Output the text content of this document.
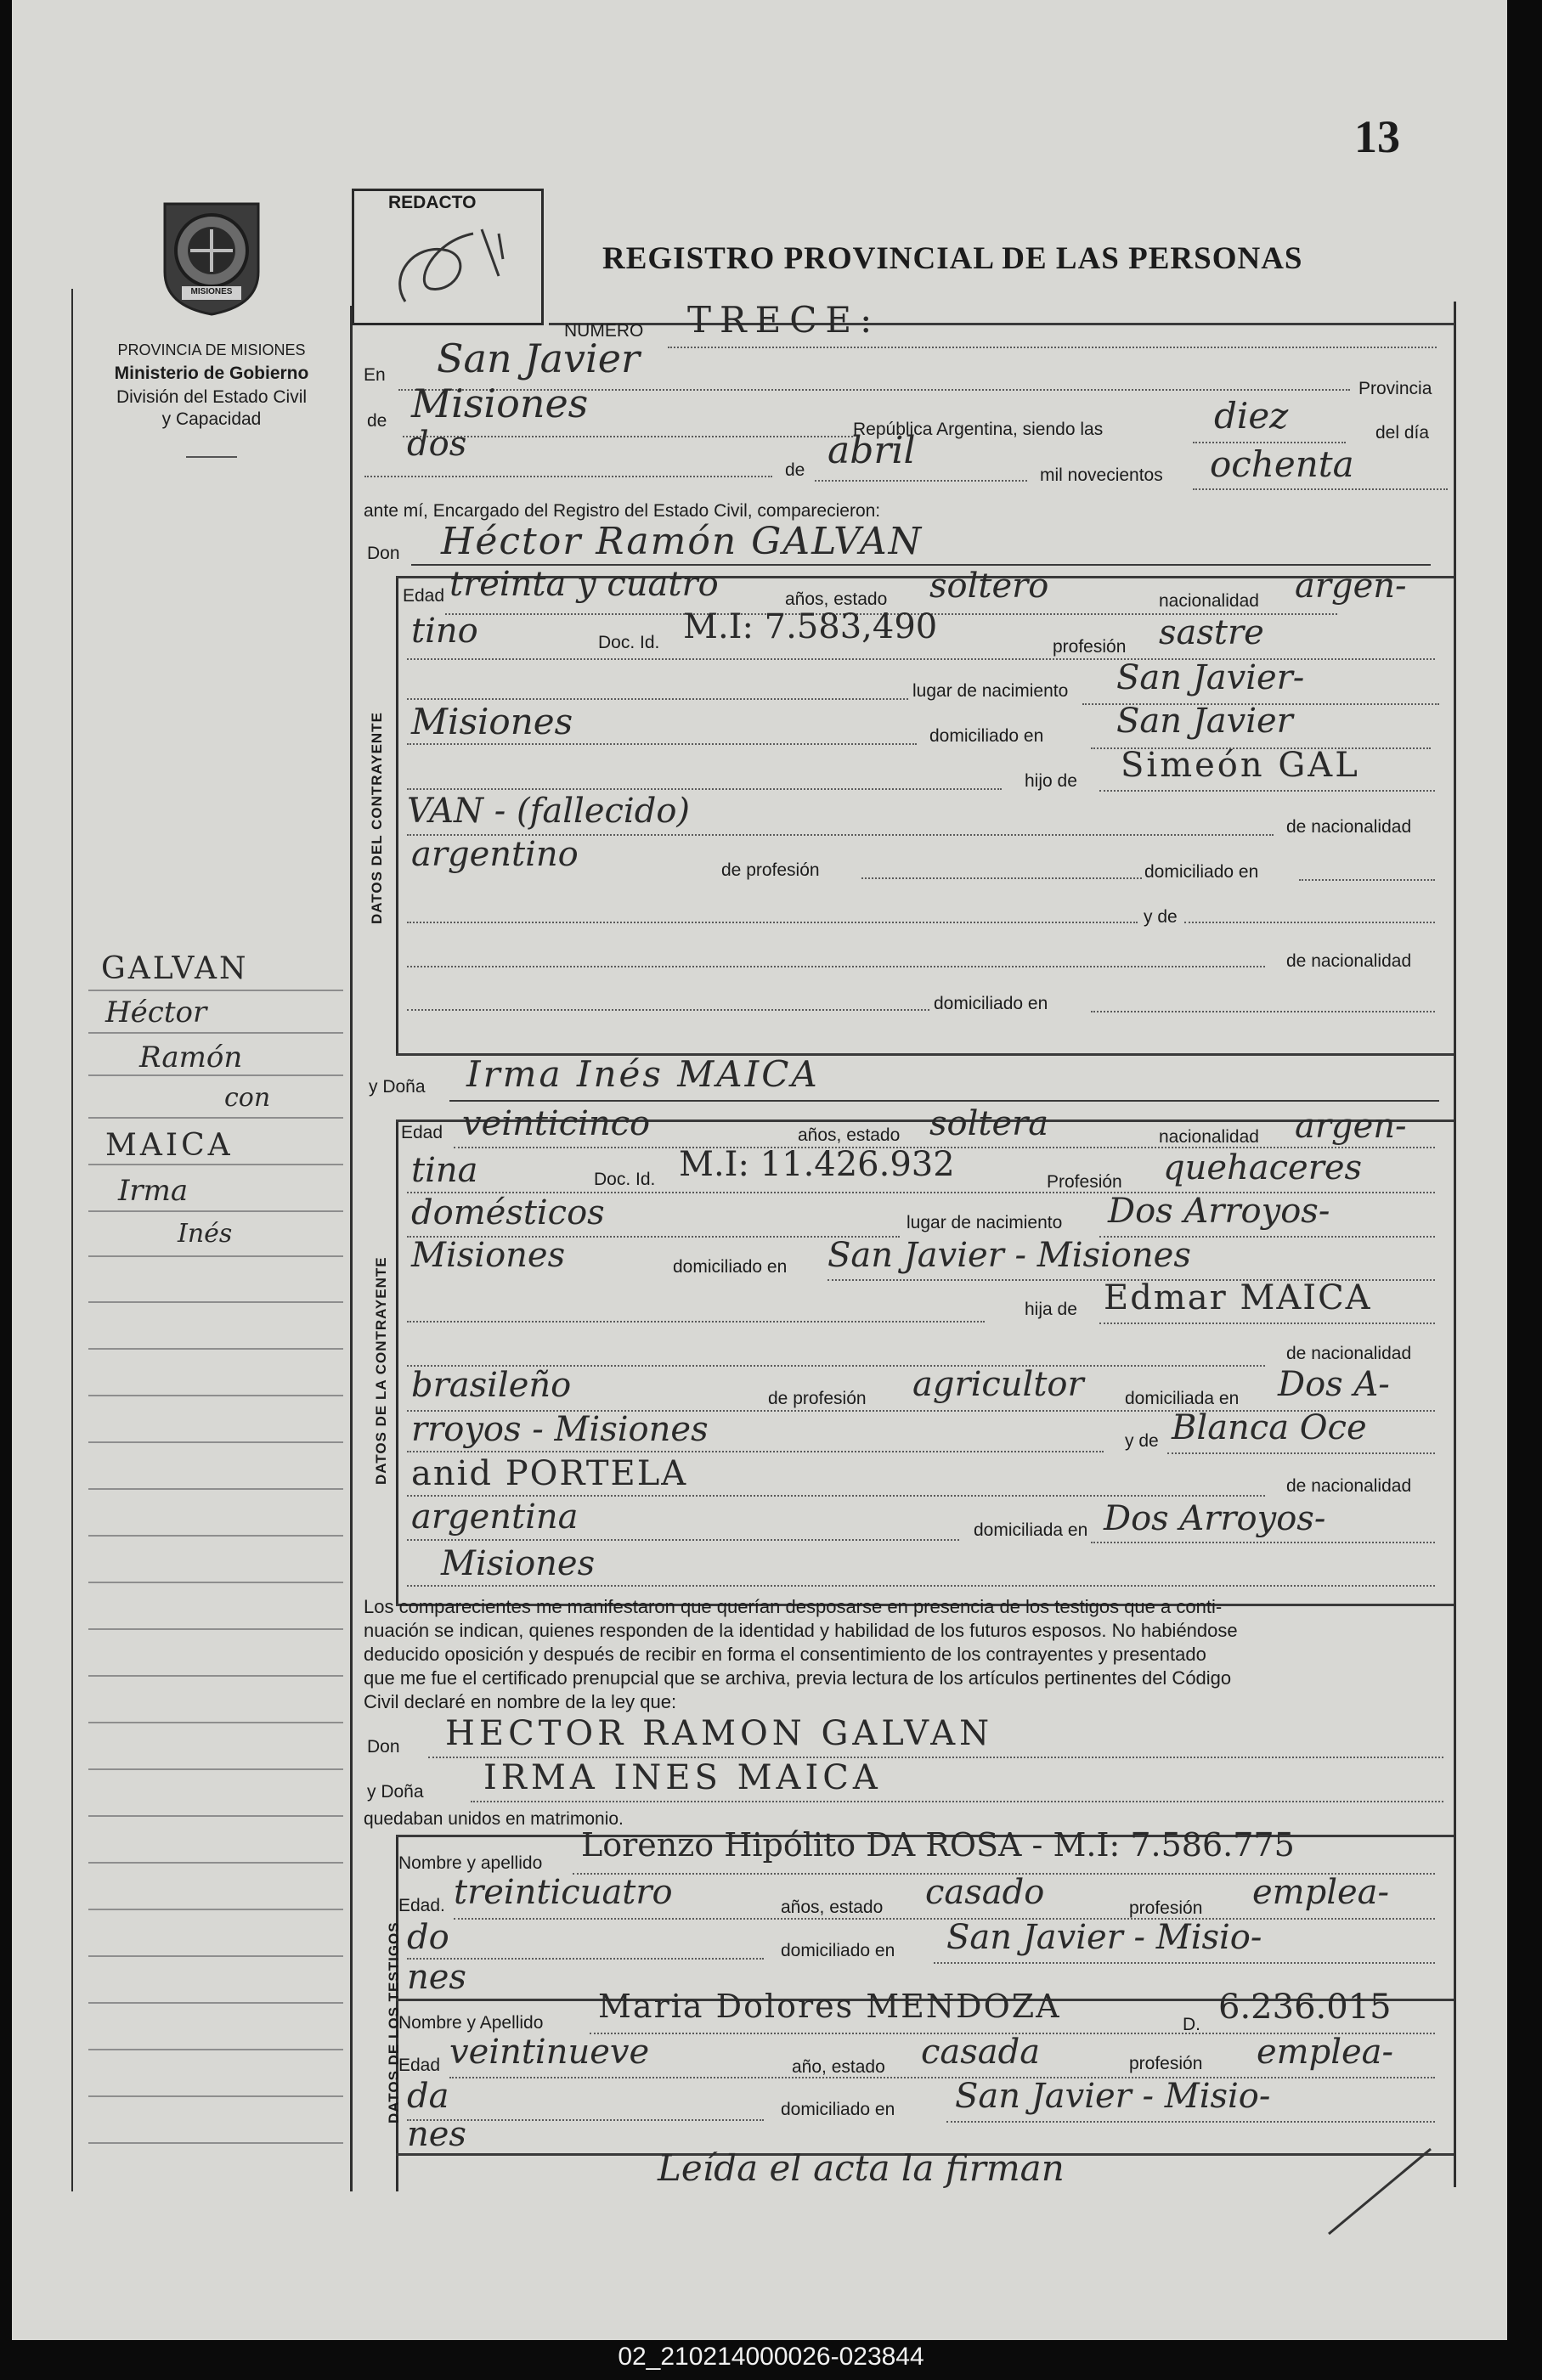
13
MISIONES
PROVINCIA DE MISIONES
Ministerio de Gobierno
División del Estado Civil
y Capacidad
GALVAN
Héctor
Ramón
con
MAICA
Irma
Inés
REDACTO
REGISTRO PROVINCIAL DE LAS PERSONAS
NUMERO TRECE:
En San Javier
Provincia
de Misiones
República Argentina, siendo las	diez	del día
dos
de abril
mil novecientos ochenta
ante mí, Encargado del Registro del Estado Civil, comparecieron:
Don Héctor Ramón GALVAN
DATOS DEL CONTRAYENTE
Edad treinta y cuatro	años, estado soltero	nacionalidad argen-
tino	Doc. Id. M.I: 7.583,490
profesión sastre
lugar de nacimiento San Javier-
Misiones	domiciliado en San Javier
hijo de Simeón GAL
VAN - (fallecido)	de nacionalidad
argentino	de profesión	domiciliado en
y de
de nacionalidad
domiciliado en
y Doña Irma Inés MAICA
DATOS DE LA CONTRAYENTE
Edad veinticinco	años, estado soltera	nacionalidad argen-
tina	Doc. Id. M.I: 11.426.932	Profesión quehaceres
domésticos	lugar de nacimiento Dos Arroyos-
Misiones	domiciliado en San Javier - Misiones
hija de Edmar MAICA
de nacionalidad
brasileño	de profesión agricultor domiciliada en Dos A-
rroyos - Misiones	y de Blanca Oce
anid PORTELA	de nacionalidad
argentina	domiciliada en Dos Arroyos-
Misiones
Los comparecientes me manifestaron que querían desposarse en presencia de los testigos que a conti-
nuación se indican, quienes responden de la identidad y habilidad de los futuros esposos. No habiéndose
deducido oposición y después de recibir en forma el consentimiento de los contrayentes y presentado
que me fue el certificado prenupcial que se archiva, previa lectura de los artículos pertinentes del Código
Civil declaré en nombre de la ley que:
Don HECTOR RAMON GALVAN
y Doña IRMA INES MAICA
quedaban unidos en matrimonio.
DATOS DE LOS TESTIGOS
Nombre y apellido Lorenzo Hipólito DA ROSA - M.I: 7.586.775
Edad. treinticuatro	años, estado casado	profesión emplea-
do	domiciliado en San Javier - Misio-
nes
Nombre y Apellido Maria Dolores MENDOZA	D. 6.236.015
Edad veintinueve	año, estado casada	profesión emplea-
da	domiciliado en San Javier - Misio-
nes
Leída el acta la firman
02_210214000026-023844
